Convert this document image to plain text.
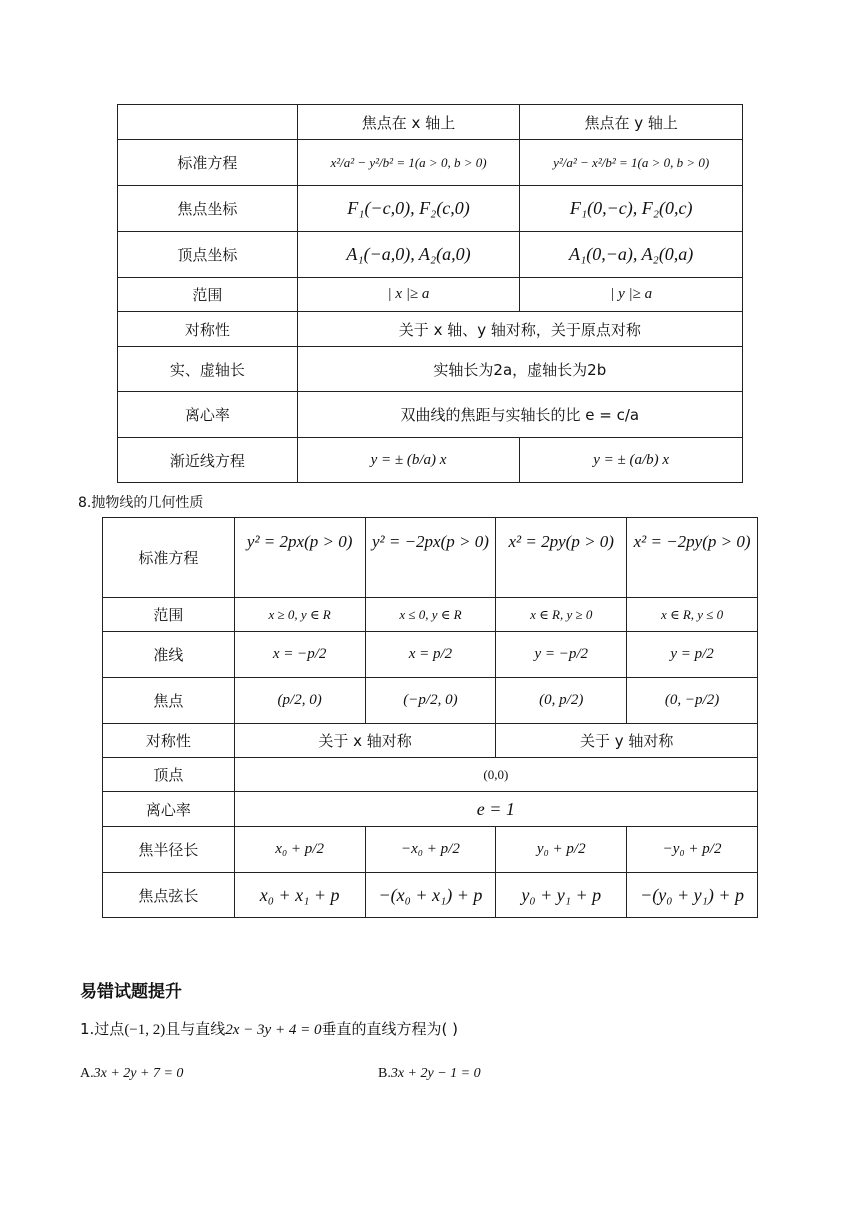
	焦点在 x 轴上	焦点在 y 轴上
标准方程	x²/a² − y²/b² = 1(a > 0, b > 0)	y²/a² − x²/b² = 1(a > 0, b > 0)
焦点坐标	F₁(−c,0), F₂(c,0)	F₁(0,−c), F₂(0,c)
顶点坐标	A₁(−a,0), A₂(a,0)	A₁(0,−a), A₂(0,a)
范围	| x |≥ a	| y |≥ a
对称性	关于 x 轴、y 轴对称，关于原点对称	
实、虚轴长	实轴长为2a，虚轴长为2b	
离心率	双曲线的焦距与实轴长的比 e = c/a	
渐近线方程	y = ± (b/a) x	y = ± (a/b) x
8.抛物线的几何性质
标准方程	y² = 2px(p > 0)	y² = −2px(p > 0)	x² = 2py(p > 0)	x² = −2py(p > 0)
范围	x ≥ 0, y ∈ R	x ≤ 0, y ∈ R	x ∈ R, y ≥ 0	x ∈ R, y ≤ 0
准线	x = −p/2	x = p/2	y = −p/2	y = p/2
焦点	(p/2, 0)	(−p/2, 0)	(0, p/2)	(0, −p/2)
对称性	关于 x 轴对称		关于 y 轴对称	
顶点	(0,0)			
离心率	e = 1			
焦半径长	x₀ + p/2	−x₀ + p/2	y₀ + p/2	−y₀ + p/2
焦点弦长	x₀ + x₁ + p	−(x₀ + x₁) + p	y₀ + y₁ + p	−(y₀ + y₁) + p
易错试题提升
1.过点(−1, 2)且与直线2x − 3y + 4 = 0垂直的直线方程为( )
A.3x + 2y + 7 = 0	B.3x + 2y − 1 = 0
